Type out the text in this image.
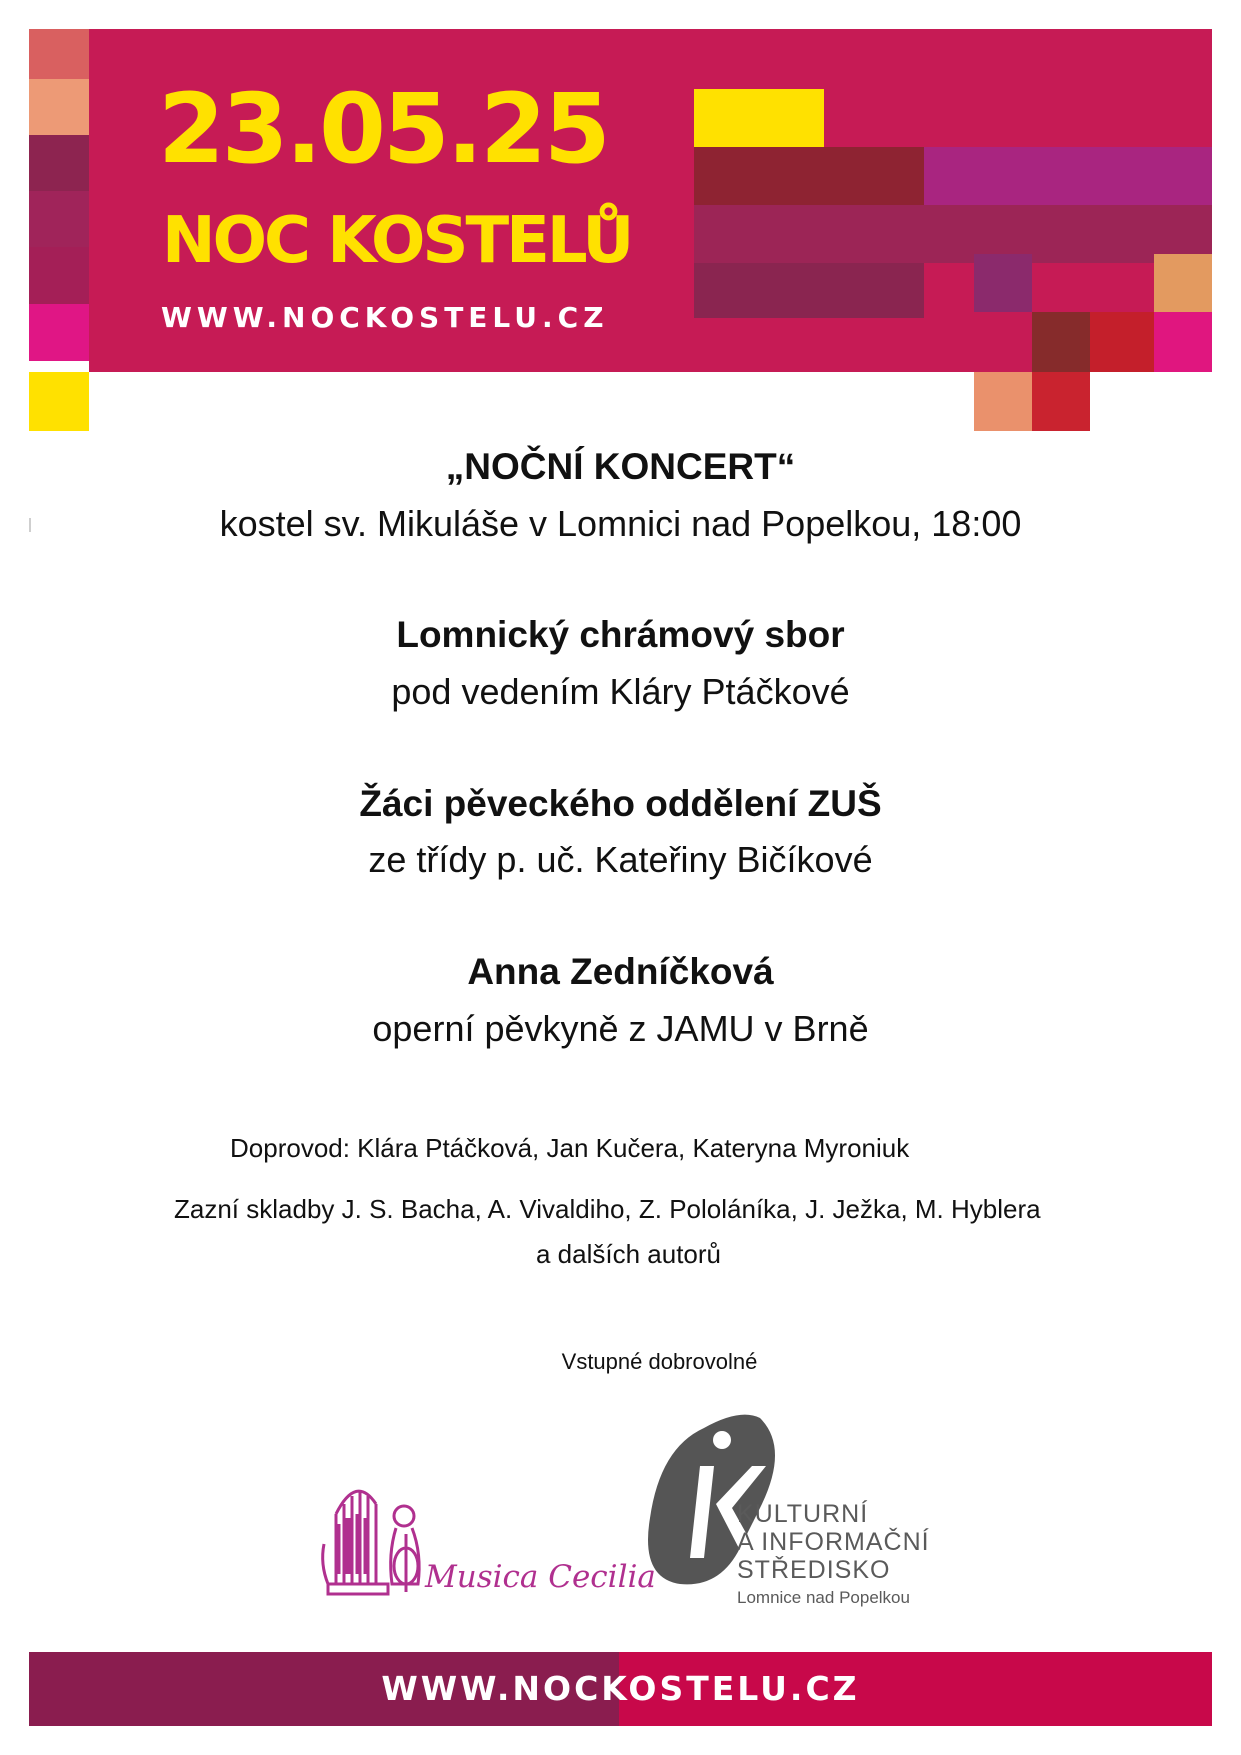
23.05.25
NOC KOSTELŮ
WWW.NOCKOSTELU.CZ
„NOČNÍ KONCERT“
kostel sv. Mikuláše v Lomnici nad Popelkou, 18:00
Lomnický chrámový sbor
pod vedením Kláry Ptáčkové
Žáci pěveckého oddělení ZUŠ
ze třídy p. uč. Kateřiny Bičíkové
Anna Zedníčková
operní pěvkyně z JAMU v Brně
Doprovod: Klára Ptáčková, Jan Kučera, Kateryna Myroniuk
Zazní skladby J. S. Bacha, A. Vivaldiho, Z. Pololáníka, J. Ježka, M. Hyblera
a dalších autorů
Vstupné dobrovolné
Musica Cecilia
KULTURNÍ
A INFORMAČNÍ
STŘEDISKO
Lomnice nad Popelkou
WWW.NOCKOSTELU.CZ
